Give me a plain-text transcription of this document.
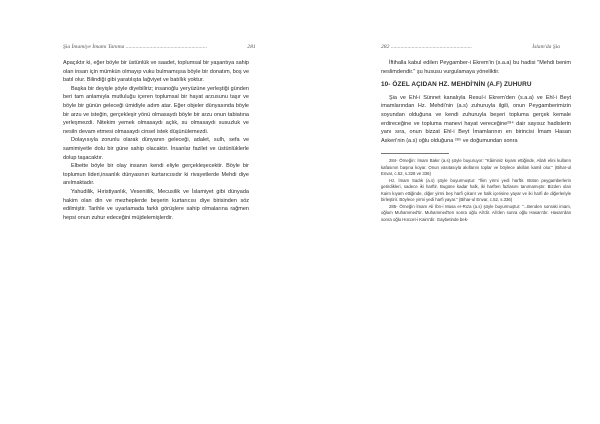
Şia İmamiye İmamı Tanıma ..........................................................	281

Apaçıktır ki, eğer böyle bir üstünlük ve saadet, toplumsal bir yaşantıya sahip olan insan için mümkün olmayıp vuku bulmamışsa böyle bir donatım, boş ve batıl olur. Bilindiği gibi yaratılışta lağviyet ve batıllık yoktur.

Başka bir deyişle şöyle diyebiliriz; insanoğlu yeryüzüne yerleştiği günden beri tam anlamıyla mutluluğu içeren toplumsal bir hayat arzusunu taşır ve böyle bir günün geleceği ümidiyle adım atar. Eğer objeler dünyasında böyle bir arzu ve isteğin, gerçekleşir yönü olmasaydı böyle bir arzu onun tabiatına yerleşmezdi. Nitekim yemek olmasaydı açlık, su olmasaydı susuzluk ve nesiln devam etmesi olmasaydı cinsel istek düşünülemezdi.

Dolayısıyla zorunlu olarak dünyanın geleceği, adalet, sulh, sefa ve samimiyetle dolu bir güne sahip olacaktır. İnsanlar fazilet ve üstünlüklerle dolup taşacaktır.

Elbette böyle bir olay insanın kendi eliyle gerçekleşecektir. Böyle bir toplumun lideri,insanlık dünyasının kurtarıcısıdır ki rivayetlerde Mehdi diye anılmaktadır.

Yahudilik, Hıristiyanlık, Veseniilik, Mecusilik ve İslamiyet gibi dünyada hakim olan din ve mezheplerde beşerin kurtarıcısı diye birisinden söz edilmiştir. Tarihle ve uyarlamada farklı görüşlere sahip olmalarına rağmen hepsi onun zuhur edeceğini müjdelemişlerdir.

282 ..........................................................	İslam'da Şia

İftihalla kabul edilen Peygamber-i Ekrem'in (s.a.a) bu hadisi "Mehdi benim neslimdendir." şu hususu vurgulamaya yöneliktir.

10- ÖZEL AÇIDAN HZ. MEHDİ'NİN (A.F) ZUHURU

Şia ve Ehl-i Sünnet kanalıyla Resul-i Ekrem'den (s.a.a) ve Ehl-i Beyt imamlarından Hz. Mehdi'nin (a.s) zuhuruyla ilgili, onun Peygamberimizin soyundan olduğuna ve kendi zuhuruyla beşeri topluma gerçek kemale erdireceğine ve topluma manevi hayat vereceğine²⁸⁴ dair sayısız hadislerin yanı sıra, onun bizzat Ehl-i Beyt İmamlarının en birincisi İmam Hasan Askeri'nin (a.s) oğlu olduğuna ²⁸⁵ ve doğumundan sonra

284- Örneğin: İmam Bakır (a.s) şöyle buyuruyor: "Kâiminiz kıyam ettiğinde, Allah elini kulların kafasının başına koyar. Onun vasıtasıyla akıllarını toplar ve böylece akılları kamil olur." (Bihar-ul Envar, c.52, s.328 ve 336)

Hz. İmam Sadık (a.s) şöyle buyurmuştur: "İlim yirmi yedi harftir. Bütün peygamberlerin getirdikleri, sadece iki harftir. Bugüne kadar halk, iki harften fazlasını tanımamıştır. Bizden olan Kaim kıyam ettiğinde, diğer yirmi beş harfi çıkarır ve halk içerisine yayar ve iki harfi de diğerleriyle birleştirir. Böylece yirmi yedi harfi yayar." (Bihar-ul Envar, c.52, s.336)

285- Örneğin İmam Ali İbn-i Musa er-Rıza (a.s) şöyle buyurmuştur: "...Benden sonraki imam, oğlum Muhammed'tir. Muhammed'ten sonra oğlu Ali'dir. Ali'den sonra oğlu Hasan'dır. Hasan'dan sonra oğlu Hüccet-i Kaim'dir. Gaybetinde bek-
